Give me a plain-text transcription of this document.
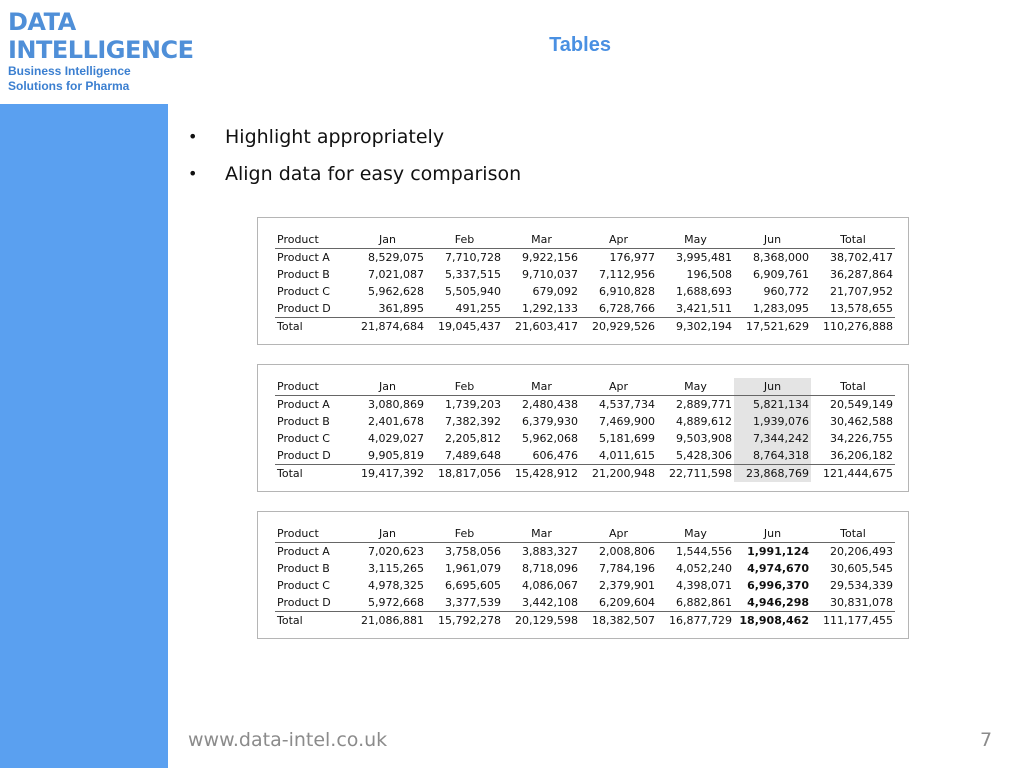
DATA
INTELLIGENCE
Business Intelligence
Solutions for Pharma
Tables
•	Highlight appropriately
•	Align data for easy comparison
Product	Jan	Feb	Mar	Apr	May	Jun	Total
Product A	8,529,075	7,710,728	9,922,156	176,977	3,995,481	8,368,000	38,702,417
Product B	7,021,087	5,337,515	9,710,037	7,112,956	196,508	6,909,761	36,287,864
Product C	5,962,628	5,505,940	679,092	6,910,828	1,688,693	960,772	21,707,952
Product D	361,895	491,255	1,292,133	6,728,766	3,421,511	1,283,095	13,578,655
Total	21,874,684	19,045,437	21,603,417	20,929,526	9,302,194	17,521,629	110,276,888
Product	Jan	Feb	Mar	Apr	May	Jun	Total
Product A	3,080,869	1,739,203	2,480,438	4,537,734	2,889,771	5,821,134	20,549,149
Product B	2,401,678	7,382,392	6,379,930	7,469,900	4,889,612	1,939,076	30,462,588
Product C	4,029,027	2,205,812	5,962,068	5,181,699	9,503,908	7,344,242	34,226,755
Product D	9,905,819	7,489,648	606,476	4,011,615	5,428,306	8,764,318	36,206,182
Total	19,417,392	18,817,056	15,428,912	21,200,948	22,711,598	23,868,769	121,444,675
Product	Jan	Feb	Mar	Apr	May	Jun	Total
Product A	7,020,623	3,758,056	3,883,327	2,008,806	1,544,556	1,991,124	20,206,493
Product B	3,115,265	1,961,079	8,718,096	7,784,196	4,052,240	4,974,670	30,605,545
Product C	4,978,325	6,695,605	4,086,067	2,379,901	4,398,071	6,996,370	29,534,339
Product D	5,972,668	3,377,539	3,442,108	6,209,604	6,882,861	4,946,298	30,831,078
Total	21,086,881	15,792,278	20,129,598	18,382,507	16,877,729	18,908,462	111,177,455
www.data-intel.co.uk	7
